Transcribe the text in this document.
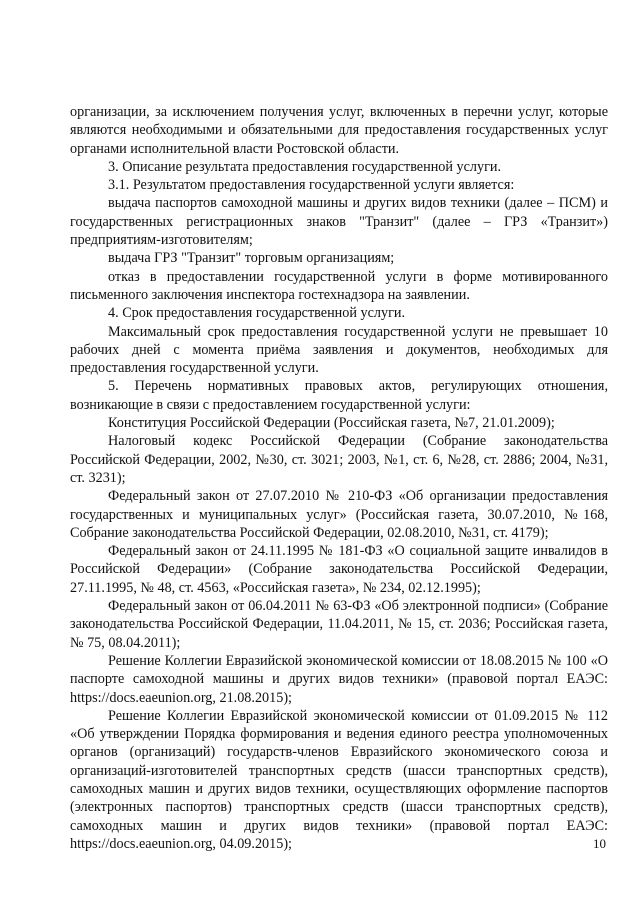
организации, за исключением получения услуг, включенных в перечни услуг, которые являются необходимыми и обязательными для предоставления государственных услуг органами исполнительной власти Ростовской области.

3. Описание результата предоставления государственной услуги.

3.1. Результатом предоставления государственной услуги является:

выдача паспортов самоходной машины и других видов техники (далее – ПСМ) и государственных регистрационных знаков "Транзит" (далее – ГРЗ «Транзит») предприятиям-изготовителям;

выдача ГРЗ "Транзит" торговым организациям;

отказ в предоставлении государственной услуги в форме мотивированного письменного заключения инспектора гостехнадзора на заявлении.

4. Срок предоставления государственной услуги.

Максимальный срок предоставления государственной услуги не превышает 10 рабочих дней с момента приёма заявления и документов, необходимых для предоставления государственной услуги.

5. Перечень нормативных правовых актов, регулирующих отношения, возникающие в связи с предоставлением государственной услуги:

Конституция Российской Федерации (Российская газета, №7, 21.01.2009);

Налоговый кодекс Российской Федерации (Собрание законодательства Российской Федерации, 2002, №30, ст. 3021; 2003, №1, ст. 6, №28, ст. 2886; 2004, №31, ст. 3231);

Федеральный закон от 27.07.2010 № 210-ФЗ «Об организации предоставления государственных и муниципальных услуг» (Российская газета, 30.07.2010, №168, Собрание законодательства Российской Федерации, 02.08.2010, №31, ст. 4179);

Федеральный закон от 24.11.1995 № 181-ФЗ «О социальной защите инвалидов в Российской Федерации» (Собрание законодательства Российской Федерации, 27.11.1995, № 48, ст. 4563, «Российская газета», № 234, 02.12.1995);

Федеральный закон от 06.04.2011 № 63-ФЗ «Об электронной подписи» (Собрание законодательства Российской Федерации, 11.04.2011, № 15, ст. 2036; Российская газета, № 75, 08.04.2011);

Решение Коллегии Евразийской экономической комиссии от 18.08.2015 № 100 «О паспорте самоходной машины и других видов техники» (правовой портал ЕАЭС: https://docs.eaeunion.org, 21.08.2015);

Решение Коллегии Евразийской экономической комиссии от 01.09.2015 № 112 «Об утверждении Порядка формирования и ведения единого реестра уполномоченных органов (организаций) государств-членов Евразийского экономического союза и организаций-изготовителей транспортных средств (шасси транспортных средств), самоходных машин и других видов техники, осуществляющих оформление паспортов (электронных паспортов) транспортных средств (шасси транспортных средств), самоходных машин и других видов техники» (правовой портал ЕАЭС: https://docs.eaeunion.org, 04.09.2015);	10
